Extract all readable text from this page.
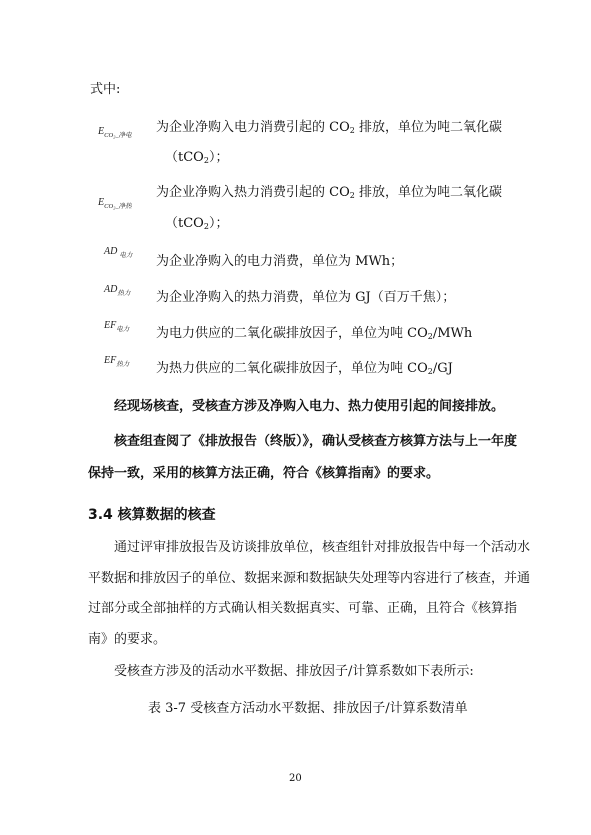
式中:
$E_{CO_2\_净电}$
为企业净购入电力消费引起的 CO2 排放，单位为吨二氧化碳
（tCO2）；
$E_{CO_2\_净热}$
为企业净购入热力消费引起的 CO2 排放，单位为吨二氧化碳
（tCO2）；
AD $_{电力}$ 为企业净购入的电力消费，单位为 MWh；
$AD_{热力}$ 为企业净购入的热力消费，单位为 GJ（百万千焦）；
$EF_{电力}$ 为电力供应的二氧化碳排放因子，单位为吨 CO2/MWh
$EF_{热力}$ 为热力供应的二氧化碳排放因子，单位为吨 CO2/GJ
经现场核查，受核查方涉及净购入电力、热力使用引起的间接排放。
核查组查阅了《排放报告（终版）》，确认受核查方核算方法与上一年度
保持一致，采用的核算方法正确，符合《核算指南》的要求。
3.4 核算数据的核查
通过评审排放报告及访谈排放单位，核查组针对排放报告中每一个活动水
平数据和排放因子的单位、数据来源和数据缺失处理等内容进行了核查，并通
过部分或全部抽样的方式确认相关数据真实、可靠、正确，且符合《核算指
南》的要求。
受核查方涉及的活动水平数据、排放因子/计算系数如下表所示:
表 3-7 受核查方活动水平数据、排放因子/计算系数清单
20
